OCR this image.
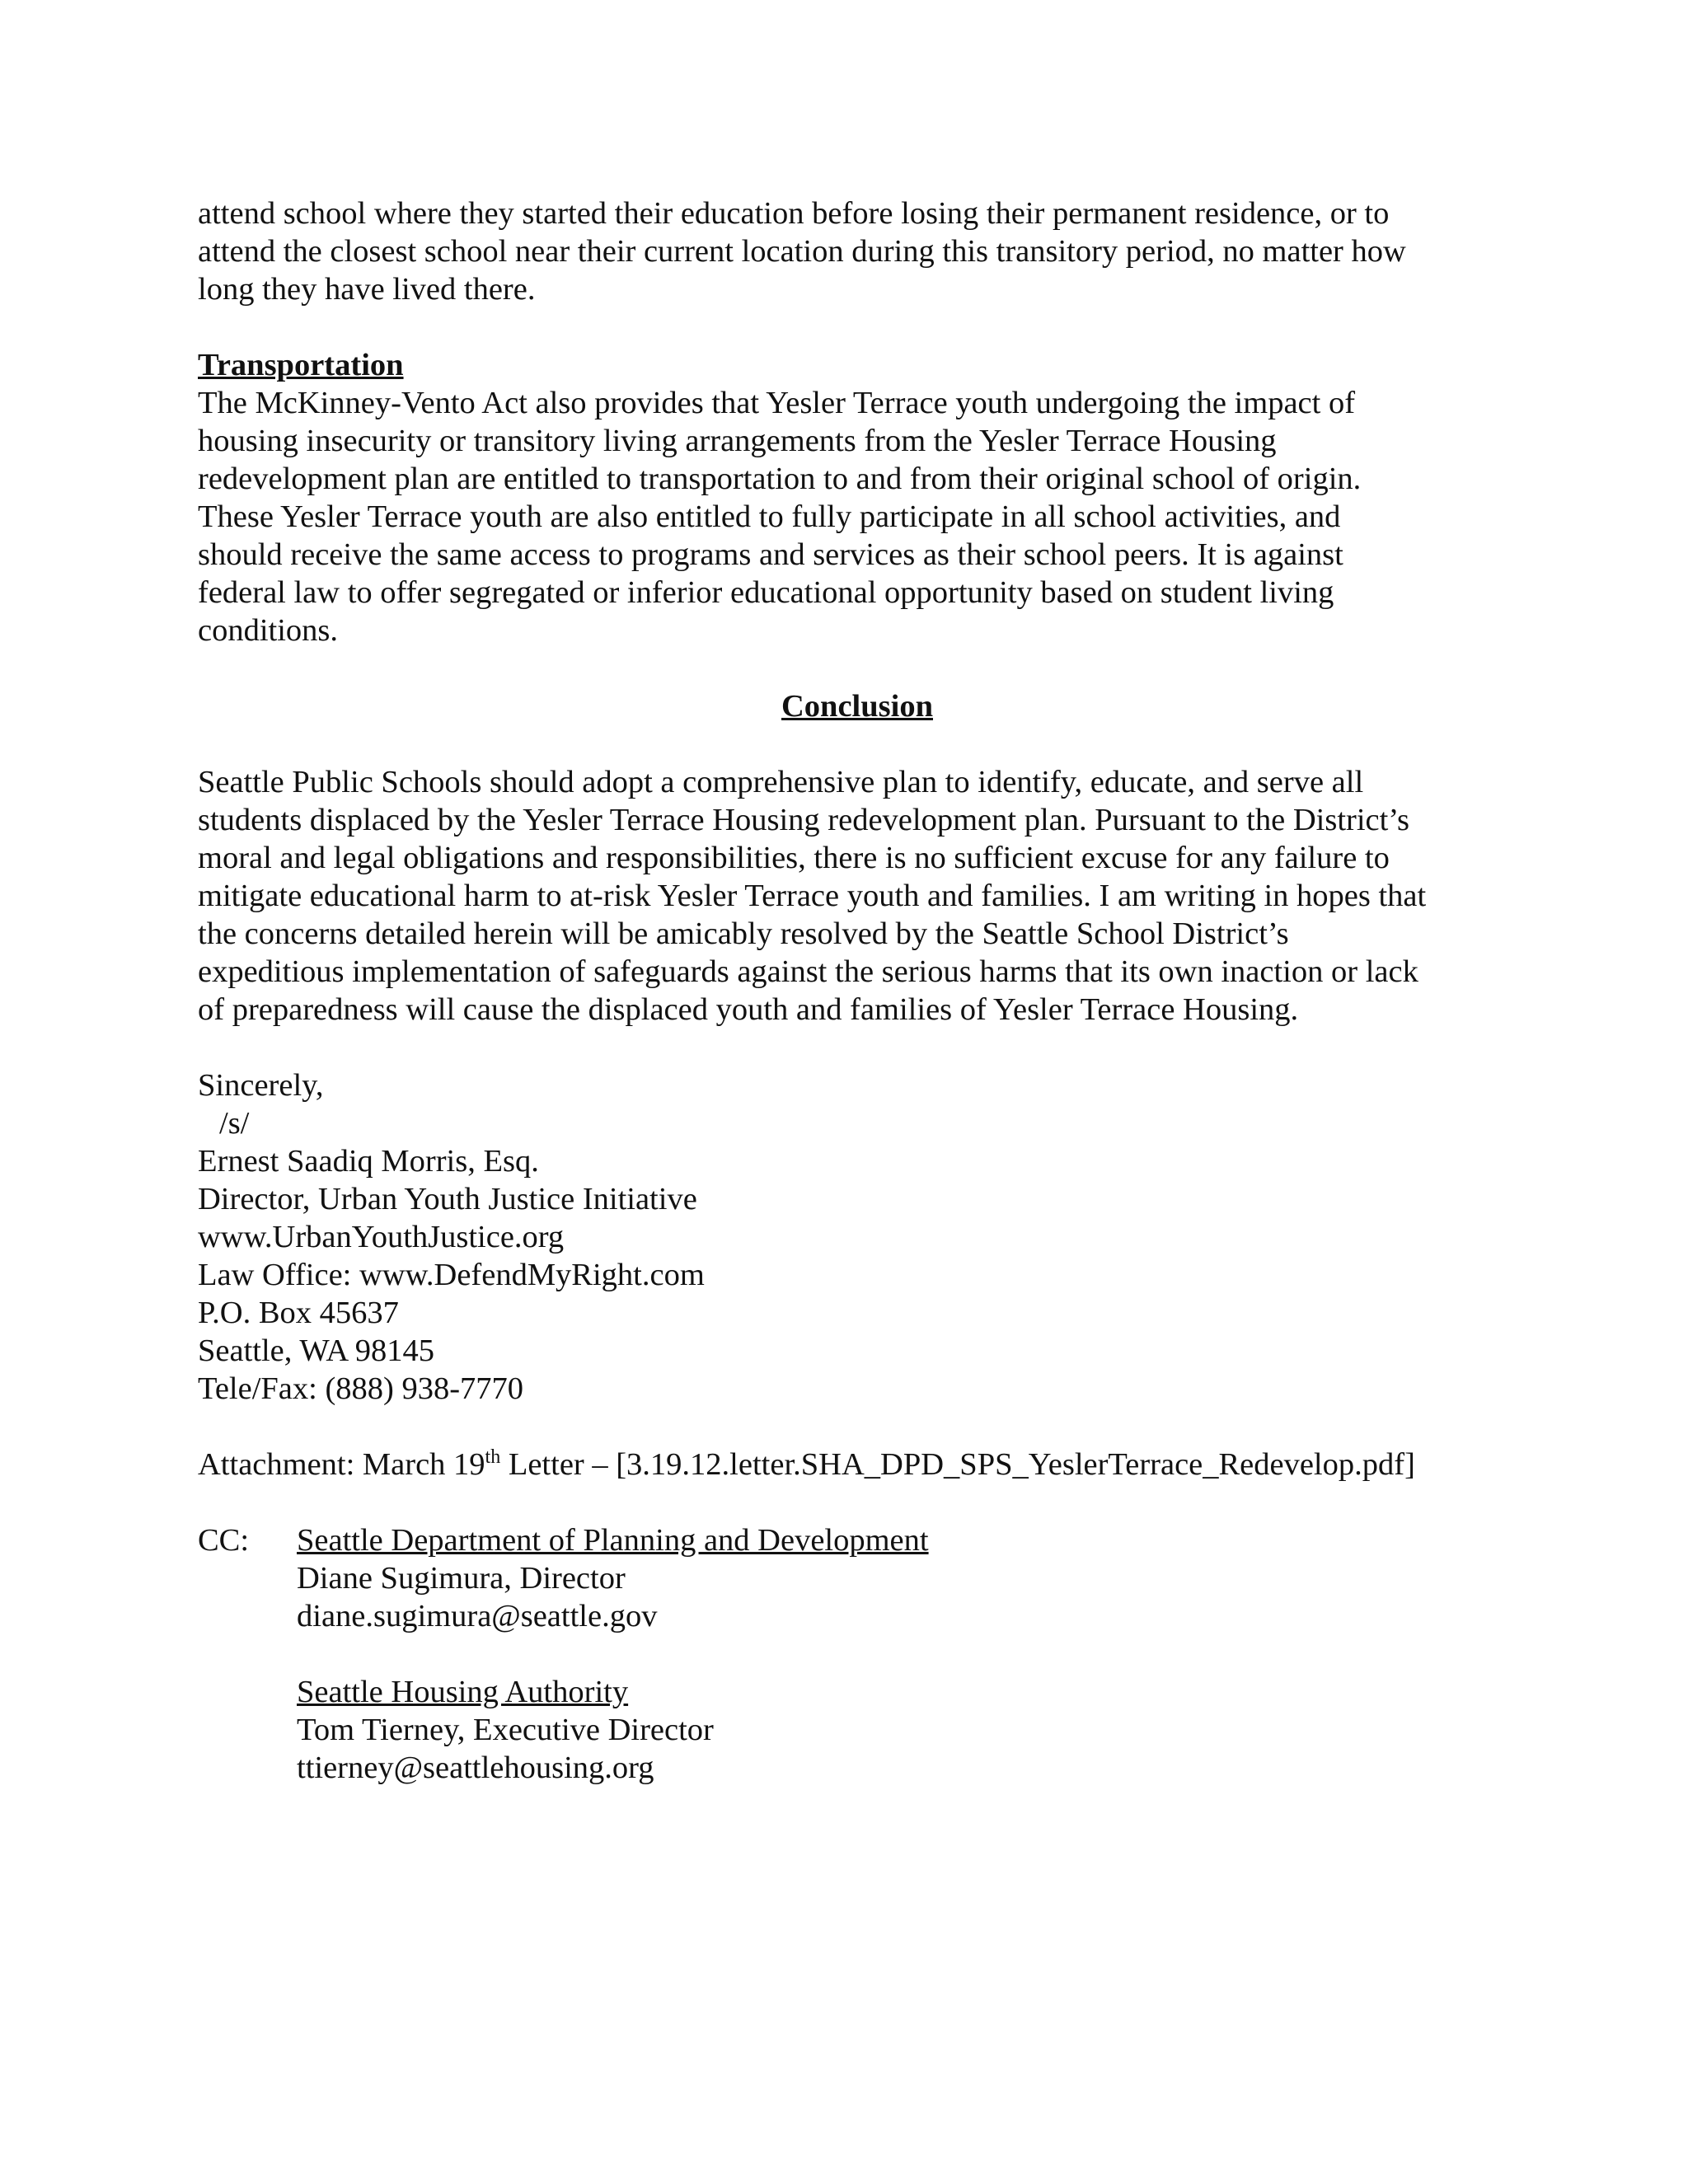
attend school where they started their education before losing their permanent residence, or to

attend the closest school near their current location during this transitory period, no matter how

long they have lived there.

Transportation

The McKinney-Vento Act also provides that Yesler Terrace youth undergoing the impact of

housing insecurity or transitory living arrangements from the Yesler Terrace Housing

redevelopment plan are entitled to transportation to and from their original school of origin.

These Yesler Terrace youth are also entitled to fully participate in all school activities, and

should receive the same access to programs and services as their school peers. It is against

federal law to offer segregated or inferior educational opportunity based on student living

conditions.

Conclusion

Seattle Public Schools should adopt a comprehensive plan to identify, educate, and serve all

students displaced by the Yesler Terrace Housing redevelopment plan. Pursuant to the District’s

moral and legal obligations and responsibilities, there is no sufficient excuse for any failure to

mitigate educational harm to at-risk Yesler Terrace youth and families. I am writing in hopes that

the concerns detailed herein will be amicably resolved by the Seattle School District’s

expeditious implementation of safeguards against the serious harms that its own inaction or lack

of preparedness will cause the displaced youth and families of Yesler Terrace Housing.

Sincerely,

/s/

Ernest Saadiq Morris, Esq.

Director, Urban Youth Justice Initiative

www.UrbanYouthJustice.org

Law Office: www.DefendMyRight.com

P.O. Box 45637

Seattle, WA 98145

Tele/Fax: (888) 938-7770

Attachment: March 19th Letter – [3.19.12.letter.SHA_DPD_SPS_YeslerTerrace_Redevelop.pdf]

CC:	Seattle Department of Planning and Development

Diane Sugimura, Director

diane.sugimura@seattle.gov

Seattle Housing Authority

Tom Tierney, Executive Director

ttierney@seattlehousing.org
